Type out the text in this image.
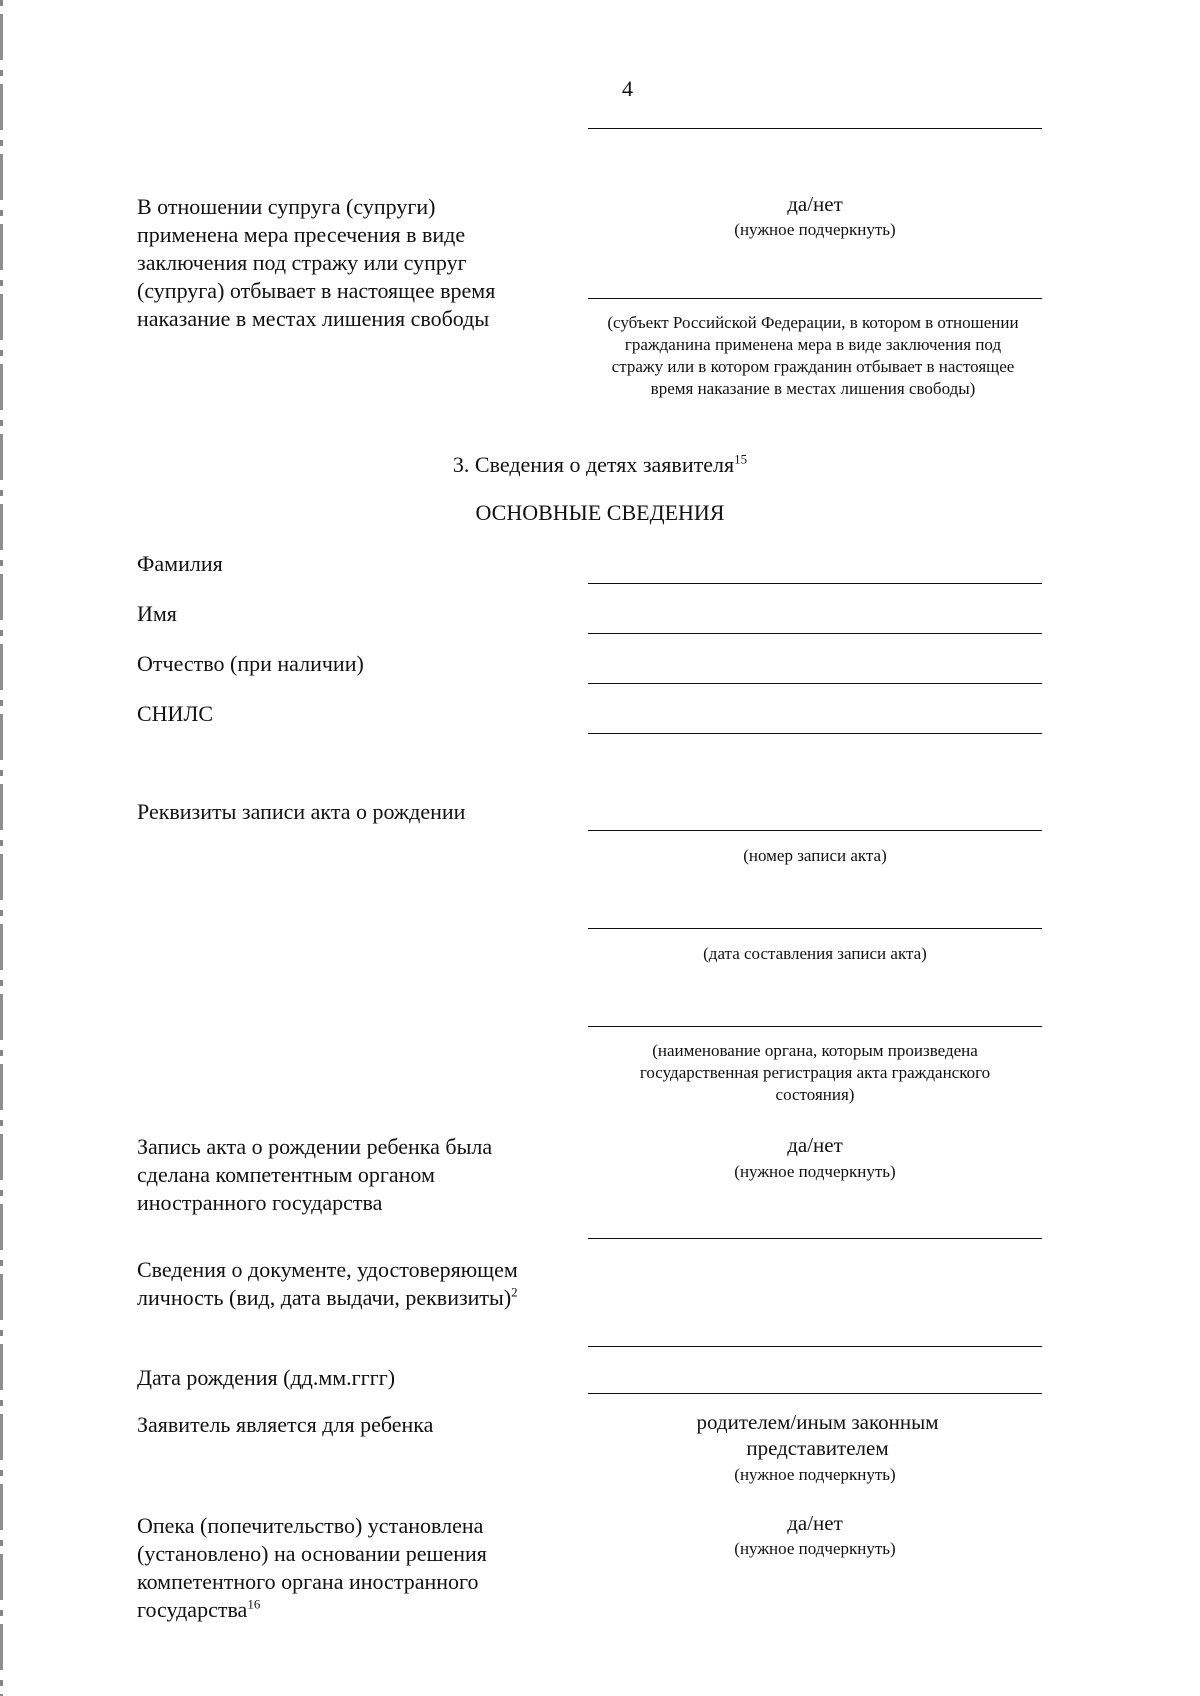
4
В отношении супруга (супруги) применена мера пресечения в виде заключения под стражу или супруг (супруга) отбывает в настоящее время наказание в местах лишения свободы
да/нет
(нужное подчеркнуть)
(субъект Российской Федерации, в котором в отношении гражданина применена мера в виде заключения под стражу или в котором гражданин отбывает в настоящее время наказание в местах лишения свободы)
3. Сведения о детях заявителя$^{15}$
ОСНОВНЫЕ СВЕДЕНИЯ
Фамилия
Имя
Отчество (при наличии)
СНИЛС
Реквизиты записи акта о рождении
(номер записи акта)
(дата составления записи акта)
(наименование органа, которым произведена государственная регистрация акта гражданского состояния)
Запись акта о рождении ребенка была сделана компетентным органом иностранного государства
да/нет
(нужное подчеркнуть)
Сведения о документе, удостоверяющем личность (вид, дата выдачи, реквизиты)$^2$
Дата рождения (дд.мм.гггг)
Заявитель является для ребенка	родителем/иным законным представителем
(нужное подчеркнуть)
Опека (попечительство) установлена (установлено) на основании решения компетентного органа иностранного государства$^{16}$
да/нет
(нужное подчеркнуть)
